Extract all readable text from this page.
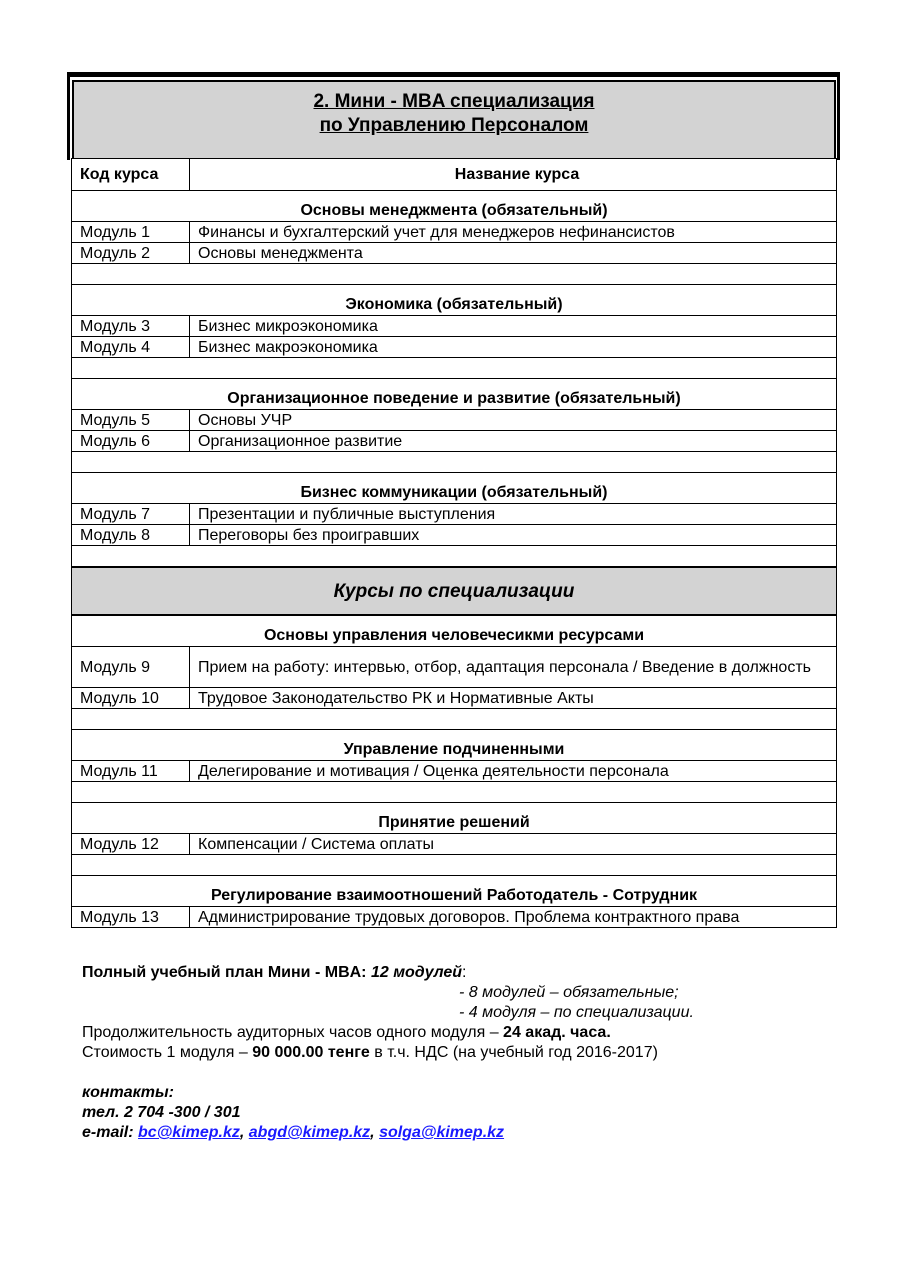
2. Мини - MBA специализация
по Управлению Персоналом
Код курса	Название курса
Основы менеджмента (обязательный)	
Модуль 1	Финансы и бухгалтерский учет для менеджеров нефинансистов
Модуль 2	Основы менеджмента

Экономика (обязательный)	
Модуль 3	Бизнес микроэкономика
Модуль 4	Бизнес макроэкономика

Организационное поведение и развитие (обязательный)	
Модуль 5	Основы УЧР
Модуль 6	Организационное развитие

Бизнес коммуникации (обязательный)	
Модуль 7	Презентации и публичные выступления
Модуль 8	Переговоры без проигравших

Курсы по специализации	
Основы управления человечесикми ресурсами	
Модуль 9	Прием на работу: интервью, отбор, адаптация персонала / Введение в должность
Модуль 10	Трудовое Законодательство РК и Нормативные Акты

Управление подчиненными	
Модуль 11	Делегирование и мотивация / Оценка деятельности персонала

Принятие решений	
Модуль 12	Компенсации / Система оплаты

Регулирование взаимоотношений Работодатель - Сотрудник	
Модуль 13	Администрирование трудовых договоров. Проблема контрактного права

Полный учебный план Мини - MBA: 12 модулей:

- 8 модулей – обязательные;

- 4 модуля – по специализации.

Продолжительность аудиторных часов одного модуля – 24 акад. часа.

Стоимость 1 модуля – 90 000.00 тенге в т.ч. НДС (на учебный год 2016-2017)

контакты:

тел. 2 704 -300 / 301

e-mail: bc@kimep.kz, abgd@kimep.kz, solga@kimep.kz
